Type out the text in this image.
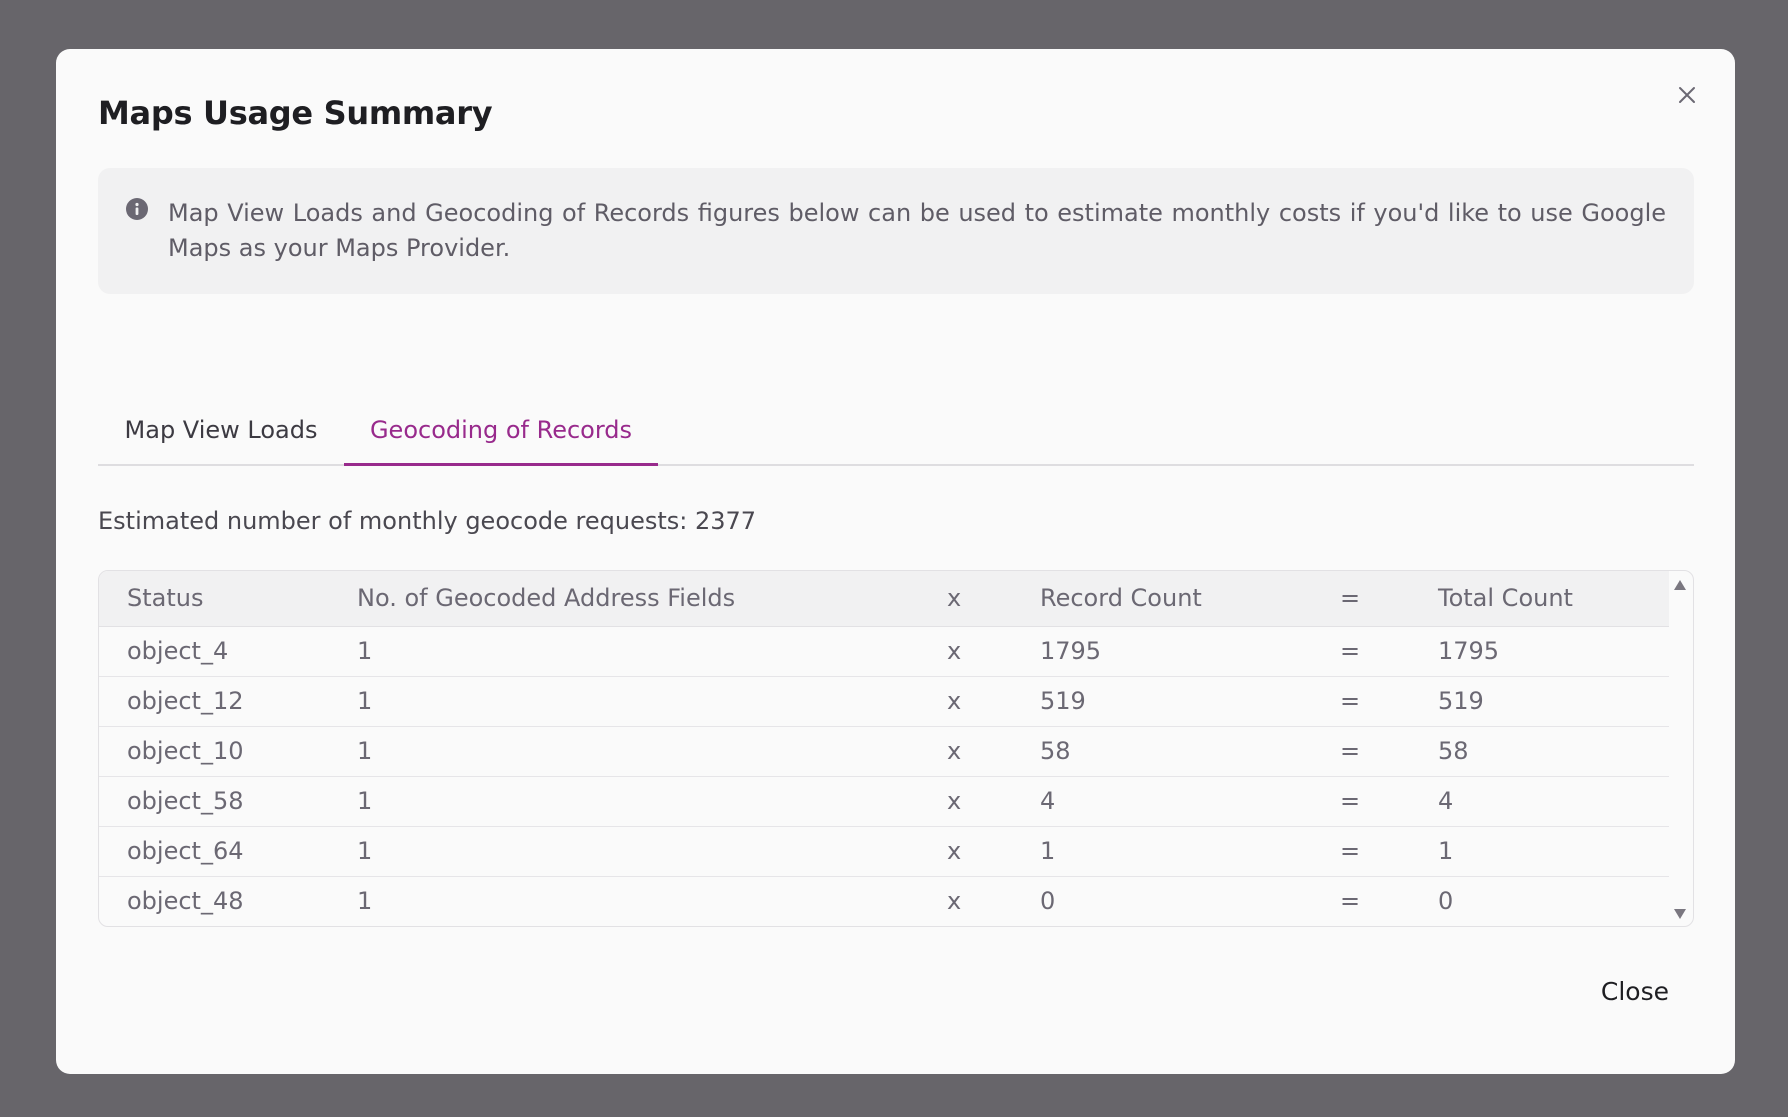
Maps Usage Summary
Map View Loads and Geocoding of Records figures below can be used to estimate monthly costs if you'd like to use Google Maps as your Maps Provider.
Map View Loads	Geocoding of Records
Estimated number of monthly geocode requests: 2377
Status	No. of Geocoded Address Fields	x	Record Count	=	Total Count
object_4	1	x	1795	=	1795
object_12	1	x	519	=	519
object_10	1	x	58	=	58
object_58	1	x	4	=	4
object_64	1	x	1	=	1
object_48	1	x	0	=	0
Close
